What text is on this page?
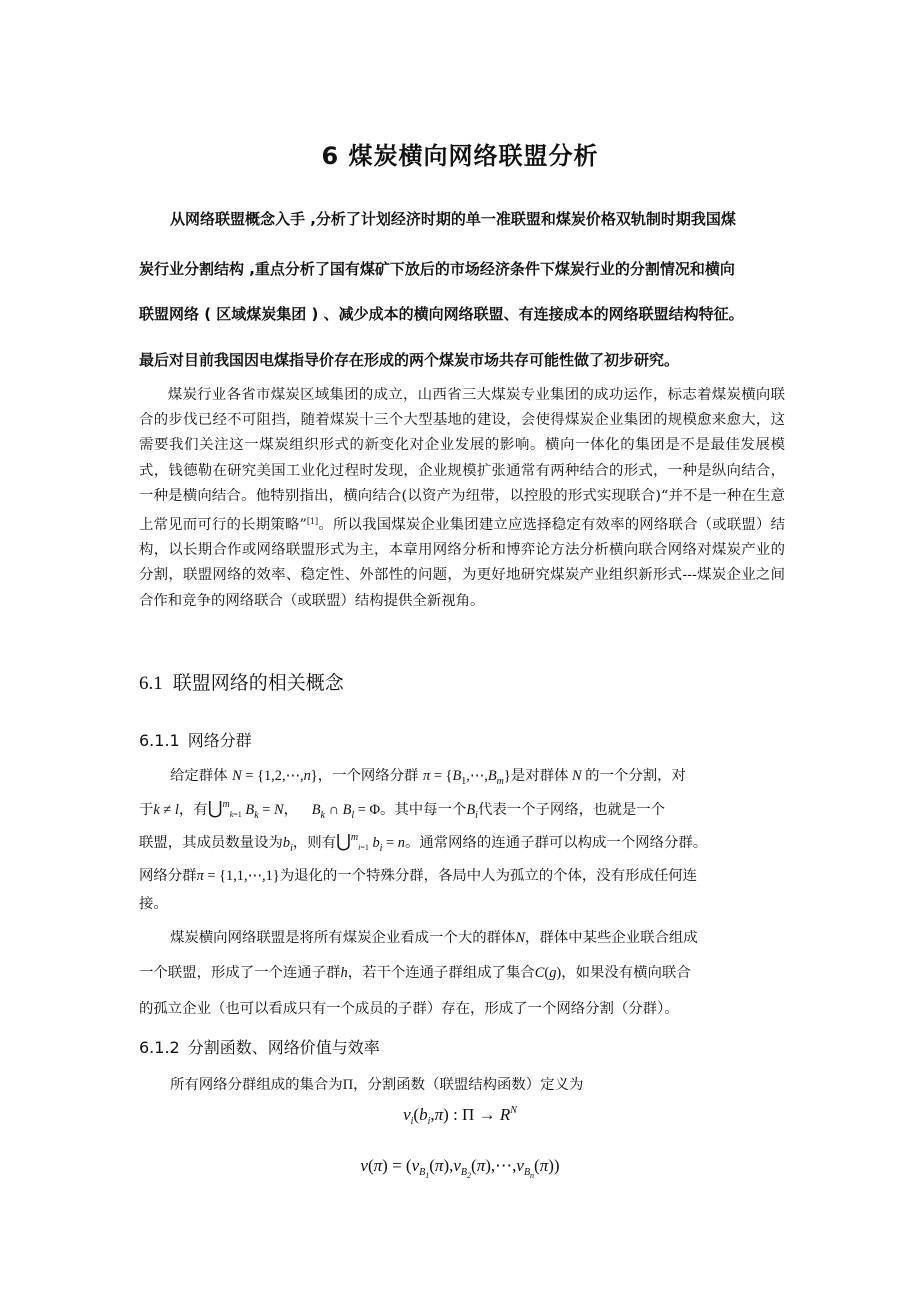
6 煤炭横向网络联盟分析
从网络联盟概念入手 ,分析了计划经济时期的单一准联盟和煤炭价格双轨制时期我国煤
炭行业分割结构 ,重点分析了国有煤矿下放后的市场经济条件下煤炭行业的分割情况和横向
联盟网络 ( 区域煤炭集团 ) 、减少成本的横向网络联盟、有连接成本的网络联盟结构特征。
最后对目前我国因电煤指导价存在形成的两个煤炭市场共存可能性做了初步研究。
煤炭行业各省市煤炭区域集团的成立，山西省三大煤炭专业集团的成功运作，标志着煤炭横向联合的步伐已经不可阻挡，随着煤炭十三个大型基地的建设，会使得煤炭企业集团的规模愈来愈大，这需要我们关注这一煤炭组织形式的新变化对企业发展的影响。横向一体化的集团是不是最佳发展模式，钱德勒在研究美国工业化过程时发现，企业规模扩张通常有两种结合的形式，一种是纵向结合，一种是横向结合。他特别指出，横向结合(以资产为纽带，以控股的形式实现联合)“并不是一种在生意上常见而可行的长期策略”[1]。所以我国煤炭企业集团建立应选择稳定有效率的网络联合（或联盟）结构，以长期合作或网络联盟形式为主，本章用网络分析和博弈论方法分析横向联合网络对煤炭产业的分割，联盟网络的效率、稳定性、外部性的问题，为更好地研究煤炭产业组织新形式---煤炭企业之间合作和竞争的网络联合（或联盟）结构提供全新视角。
6.1 联盟网络的相关概念
6.1.1 网络分群
给定群体 N = {1,2,⋯,n}，一个网络分群 $\pi = \{B_1,\cdots,B_m\}$是对群体 N 的一个分割，对
于k ≠ l，有⋃$^m_{k=1}$ $B_k = N$， $B_k$ ∩ $B_l = \Phi$。其中每一个$B_i$代表一个子网络，也就是一个
联盟，其成员数量设为$b_i$，则有⋃$^m_{i=1}$ $b_i = n$。通常网络的连通子群可以构成一个网络分群。
网络分群π = {1,1,⋯,1}为退化的一个特殊分群，各局中人为孤立的个体，没有形成任何连
接。
煤炭横向网络联盟是将所有煤炭企业看成一个大的群体N，群体中某些企业联合组成
一个联盟，形成了一个连通子群h，若干个连通子群组成了集合C(g)，如果没有横向联合
的孤立企业（也可以看成只有一个成员的子群）存在，形成了一个网络分割（分群）。
6.1.2 分割函数、网络价值与效率
所有网络分群组成的集合为Π，分割函数（联盟结构函数）定义为
$v_i(b_i,\pi)$ : $\Pi \to R^N$
$v(\pi) = (v_{B_1}(\pi),v_{B_2}(\pi),\cdots,v_{B_n}(\pi))$
